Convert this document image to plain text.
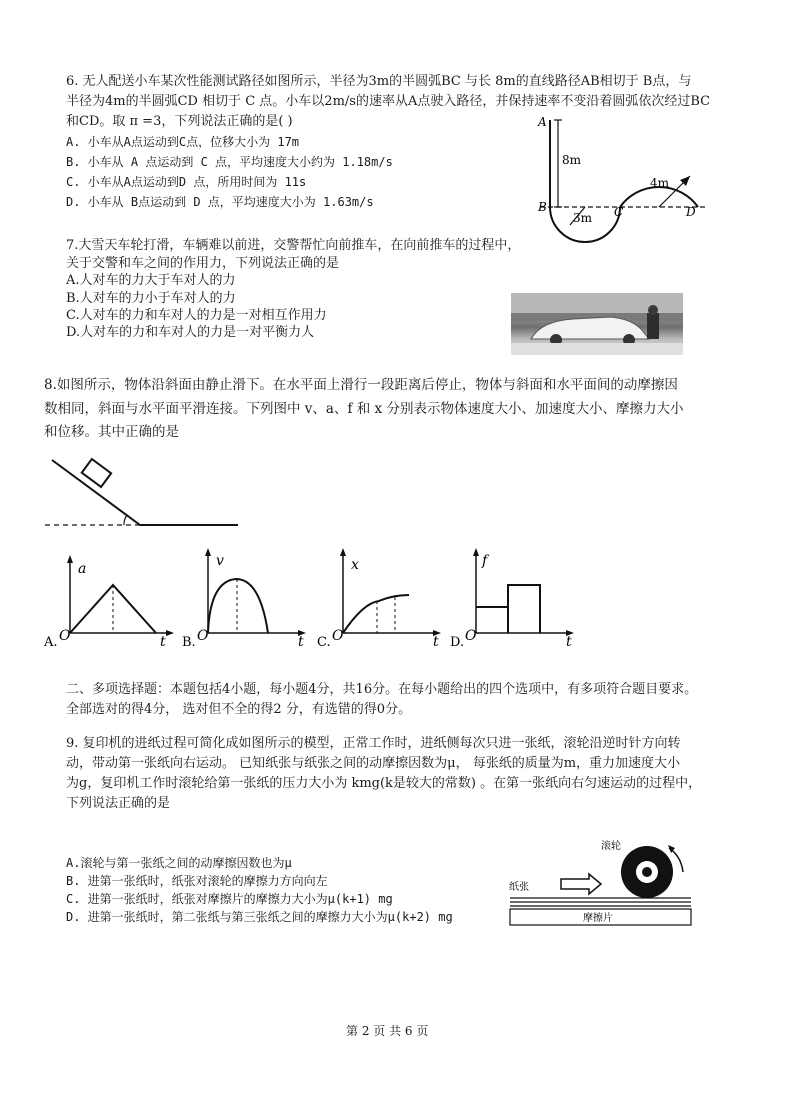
6. 无人配送小车某次性能测试路径如图所示，半径为3m的半圆弧BC 与长 8m的直线路径AB相切于 B点，与
半径为4m的半圆弧CD 相切于 C 点。小车以2m/s的速率从A点驶入路径，并保持速率不变沿着圆弧依次经过BC
和CD。取 π =3，下列说法正确的是( )
A. 小车从A点运动到C点，位移大小为 17m
B. 小车从 A 点运动到 C 点，平均速度大小约为 1.18m/s
C. 小车从A点运动到D 点，所用时间为 11s
D. 小车从 B点运动到 D 点，平均速度大小为 1.63m/s
A
B	C	D
8m
3m
4m
7.大雪天车轮打滑，车辆难以前进，交警帮忙向前推车，在向前推车的过程中，
关于交警和车之间的作用力，下列说法正确的是
A.人对车的力大于车对人的力
B.人对车的力小于车对人的力
C.人对车的力和车对人的力是一对相互作用力
D.人对车的力和车对人的力是一对平衡力人
8.如图所示，物体沿斜面由静止滑下。在水平面上滑行一段距离后停止，物体与斜面和水平面间的动摩擦因
数相同，斜面与水平面平滑连接。下列图中 v、a、f 和 x 分别表示物体速度大小、加速度大小、摩擦力大小
和位移。其中正确的是
a
O	t
A.
v
O	t
B.
x
O	t
C.
f
O	t
D.
二、多项选择题：本题包括4小题，每小题4分，共16分。在每小题给出的四个选项中，有多项符合题目要求。
全部选对的得4分， 选对但不全的得2 分，有选错的得0分。
9. 复印机的进纸过程可简化成如图所示的模型，正常工作时，进纸侧每次只进一张纸，滚轮沿逆时针方向转
动，带动第一张纸向右运动。 已知纸张与纸张之间的动摩擦因数为μ， 每张纸的质量为m，重力加速度大小
为g，复印机工作时滚轮给第一张纸的压力大小为 kmg(k是较大的常数) 。在第一张纸向右匀速运动的过程中，
下列说法正确的是
A.滚轮与第一张纸之间的动摩擦因数也为μ
B. 进第一张纸时，纸张对滚轮的摩擦力方向向左
C. 进第一张纸时，纸张对摩擦片的摩擦力大小为μ(k+1) mg
D. 进第一张纸时，第二张纸与第三张纸之间的摩擦力大小为μ(k+2) mg
滚轮
纸张
摩擦片
第 2 页 共 6 页
